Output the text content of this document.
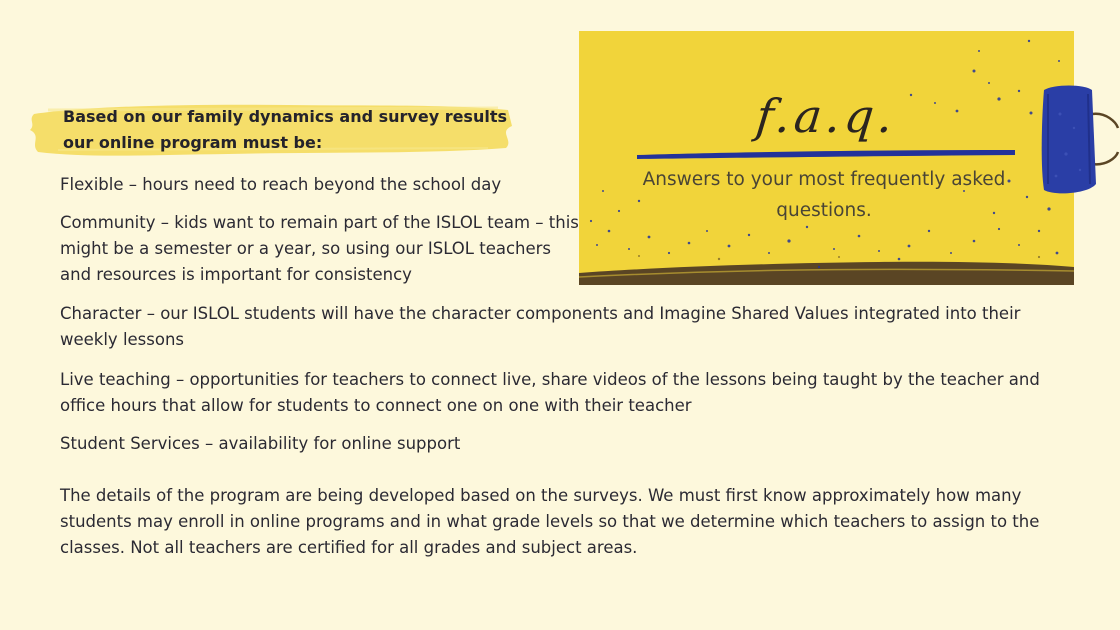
Based on our family dynamics and survey results
our online program must be:

Flexible – hours need to reach beyond the school day

Community – kids want to remain part of the ISLOL team – this might be a semester or a year, so using our ISLOL teachers and resources is important for consistency

Character – our ISLOL students will have the character components and Imagine Shared Values integrated into their weekly lessons

Live teaching – opportunities for teachers to connect live, share videos of the lessons being taught by the teacher and office hours that allow for students to connect one on one with their teacher

Student Services – availability for online support

The details of the program are being developed based on the surveys. We must first know approximately how many students may enroll in online programs and in what grade levels so that we determine which teachers to assign to the classes. Not all teachers are certified for all grades and subject areas.

f.a.q.
Answers to your most frequently asked questions.
